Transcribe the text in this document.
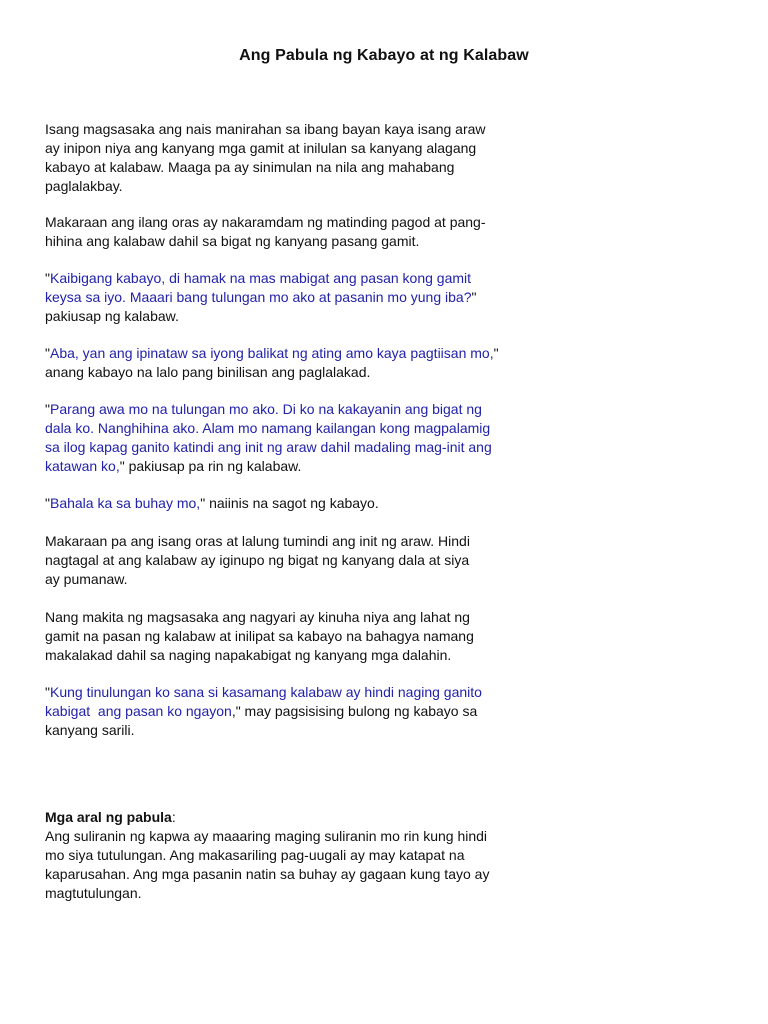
Ang Pabula ng Kabayo at ng Kalabaw
Isang magsasaka ang nais manirahan sa ibang bayan kaya isang araw
ay inipon niya ang kanyang mga gamit at inilulan sa kanyang alagang
kabayo at kalabaw. Maaga pa ay sinimulan na nila ang mahabang
paglalakbay.
Makaraan ang ilang oras ay nakaramdam ng matinding pagod at pang-
hihina ang kalabaw dahil sa bigat ng kanyang pasang gamit.
"Kaibigang kabayo, di hamak na mas mabigat ang pasan kong gamit
keysa sa iyo. Maaari bang tulungan mo ako at pasanin mo yung iba?"
pakiusap ng kalabaw.
"Aba, yan ang ipinataw sa iyong balikat ng ating amo kaya pagtiisan mo,"
anang kabayo na lalo pang binilisan ang paglalakad.
"Parang awa mo na tulungan mo ako. Di ko na kakayanin ang bigat ng
dala ko. Nanghihina ako. Alam mo namang kailangan kong magpalamig
sa ilog kapag ganito katindi ang init ng araw dahil madaling mag-init ang
katawan ko," pakiusap pa rin ng kalabaw.
"Bahala ka sa buhay mo," naiinis na sagot ng kabayo.
Makaraan pa ang isang oras at lalung tumindi ang init ng araw. Hindi
nagtagal at ang kalabaw ay iginupo ng bigat ng kanyang dala at siya
ay pumanaw.
Nang makita ng magsasaka ang nagyari ay kinuha niya ang lahat ng
gamit na pasan ng kalabaw at inilipat sa kabayo na bahagya namang
makalakad dahil sa naging napakabigat ng kanyang mga dalahin.
"Kung tinulungan ko sana si kasamang kalabaw ay hindi naging ganito
kabigat  ang pasan ko ngayon," may pagsisising bulong ng kabayo sa
kanyang sarili.
Mga aral ng pabula:
Ang suliranin ng kapwa ay maaaring maging suliranin mo rin kung hindi
mo siya tutulungan. Ang makasariling pag-uugali ay may katapat na
kaparusahan. Ang mga pasanin natin sa buhay ay gagaan kung tayo ay
magtutulungan.
